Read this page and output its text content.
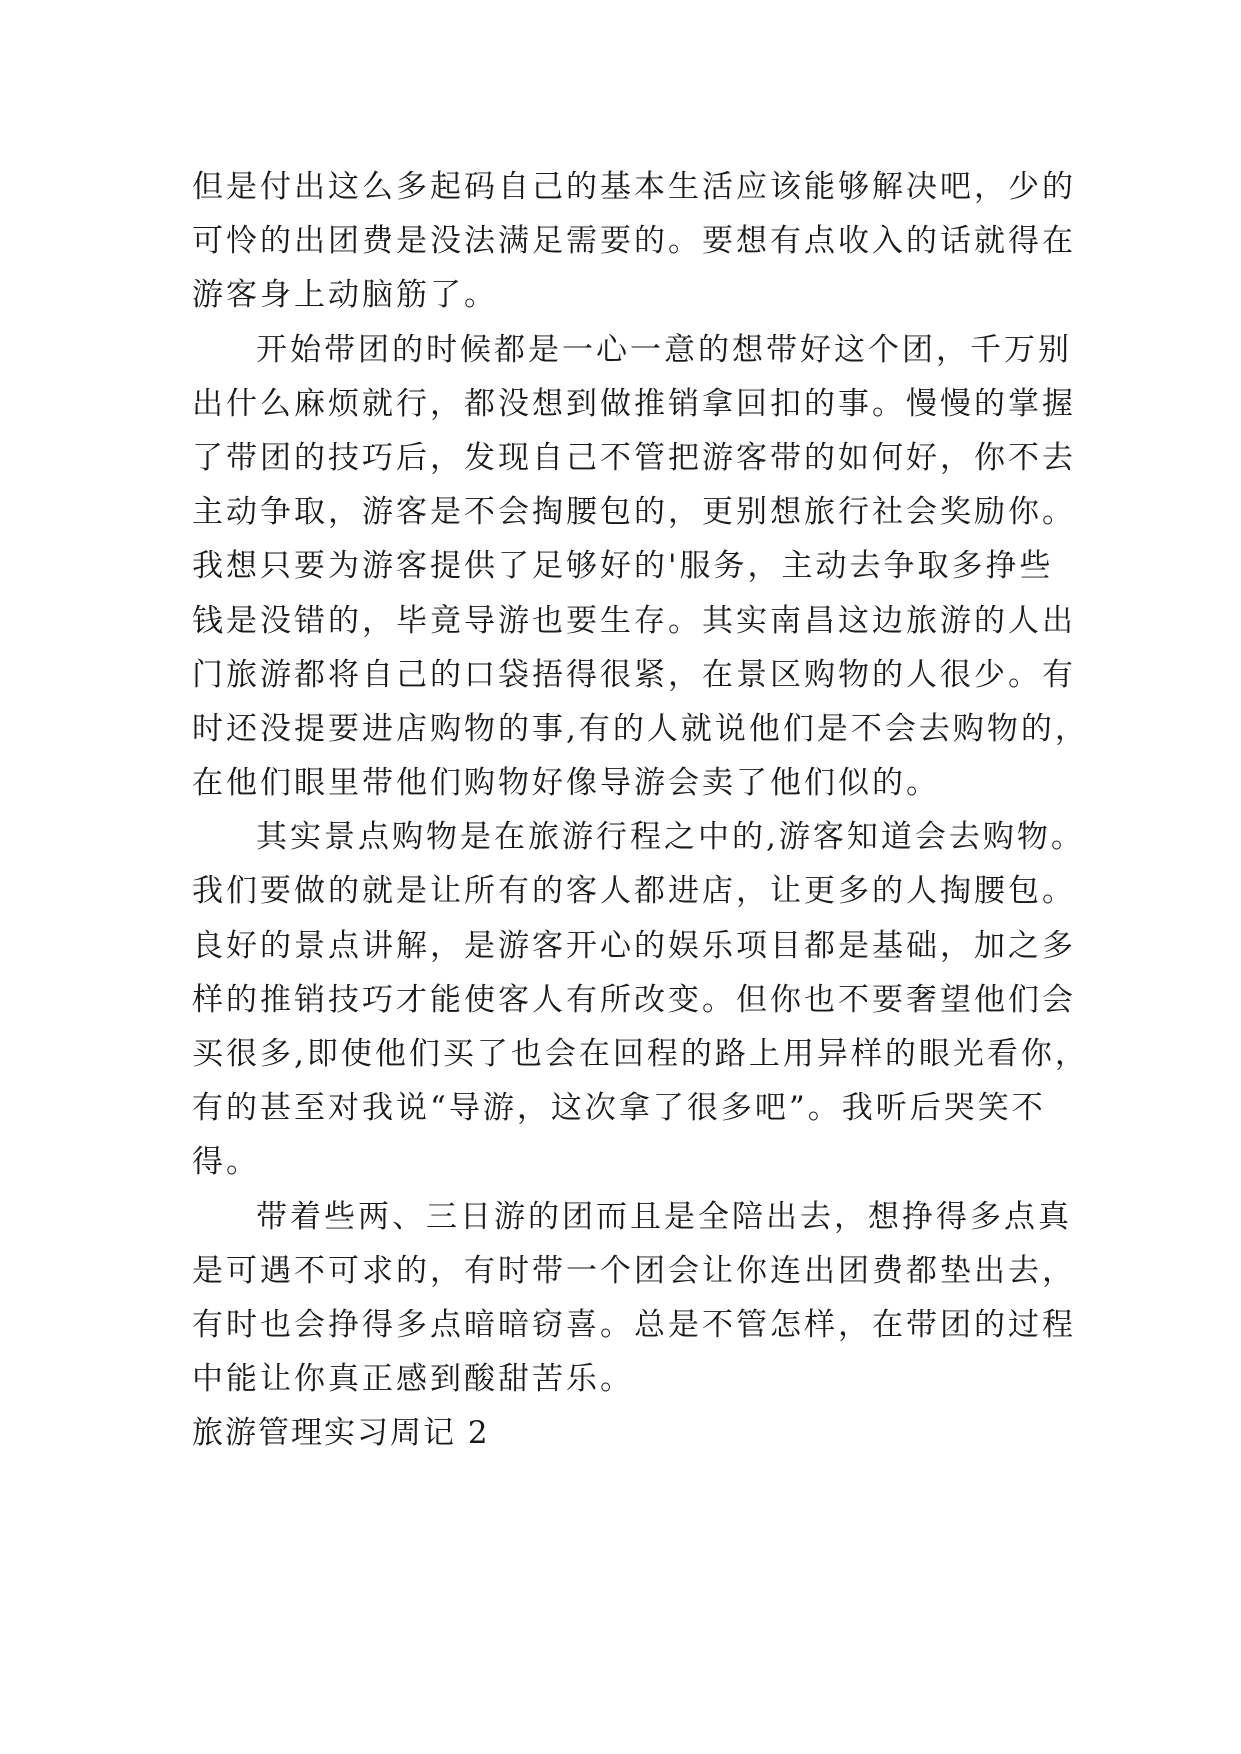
但是付出这么多起码自己的基本生活应该能够解决吧，少的
可怜的出团费是没法满足需要的。要想有点收入的话就得在
游客身上动脑筋了。
开始带团的时候都是一心一意的想带好这个团，千万别
出什么麻烦就行，都没想到做推销拿回扣的事。慢慢的掌握
了带团的技巧后，发现自己不管把游客带的如何好，你不去
主动争取，游客是不会掏腰包的，更别想旅行社会奖励你。
我想只要为游客提供了足够好的'服务，主动去争取多挣些
钱是没错的，毕竟导游也要生存。其实南昌这边旅游的人出
门旅游都将自己的口袋捂得很紧，在景区购物的人很少。有
时还没提要进店购物的事,有的人就说他们是不会去购物的，
在他们眼里带他们购物好像导游会卖了他们似的。
其实景点购物是在旅游行程之中的,游客知道会去购物。
我们要做的就是让所有的客人都进店，让更多的人掏腰包。
良好的景点讲解，是游客开心的娱乐项目都是基础，加之多
样的推销技巧才能使客人有所改变。但你也不要奢望他们会
买很多,即使他们买了也会在回程的路上用异样的眼光看你，
有的甚至对我说“导游，这次拿了很多吧”。我听后哭笑不
得。
带着些两、三日游的团而且是全陪出去，想挣得多点真
是可遇不可求的，有时带一个团会让你连出团费都垫出去，
有时也会挣得多点暗暗窃喜。总是不管怎样，在带团的过程
中能让你真正感到酸甜苦乐。
旅游管理实习周记 2
